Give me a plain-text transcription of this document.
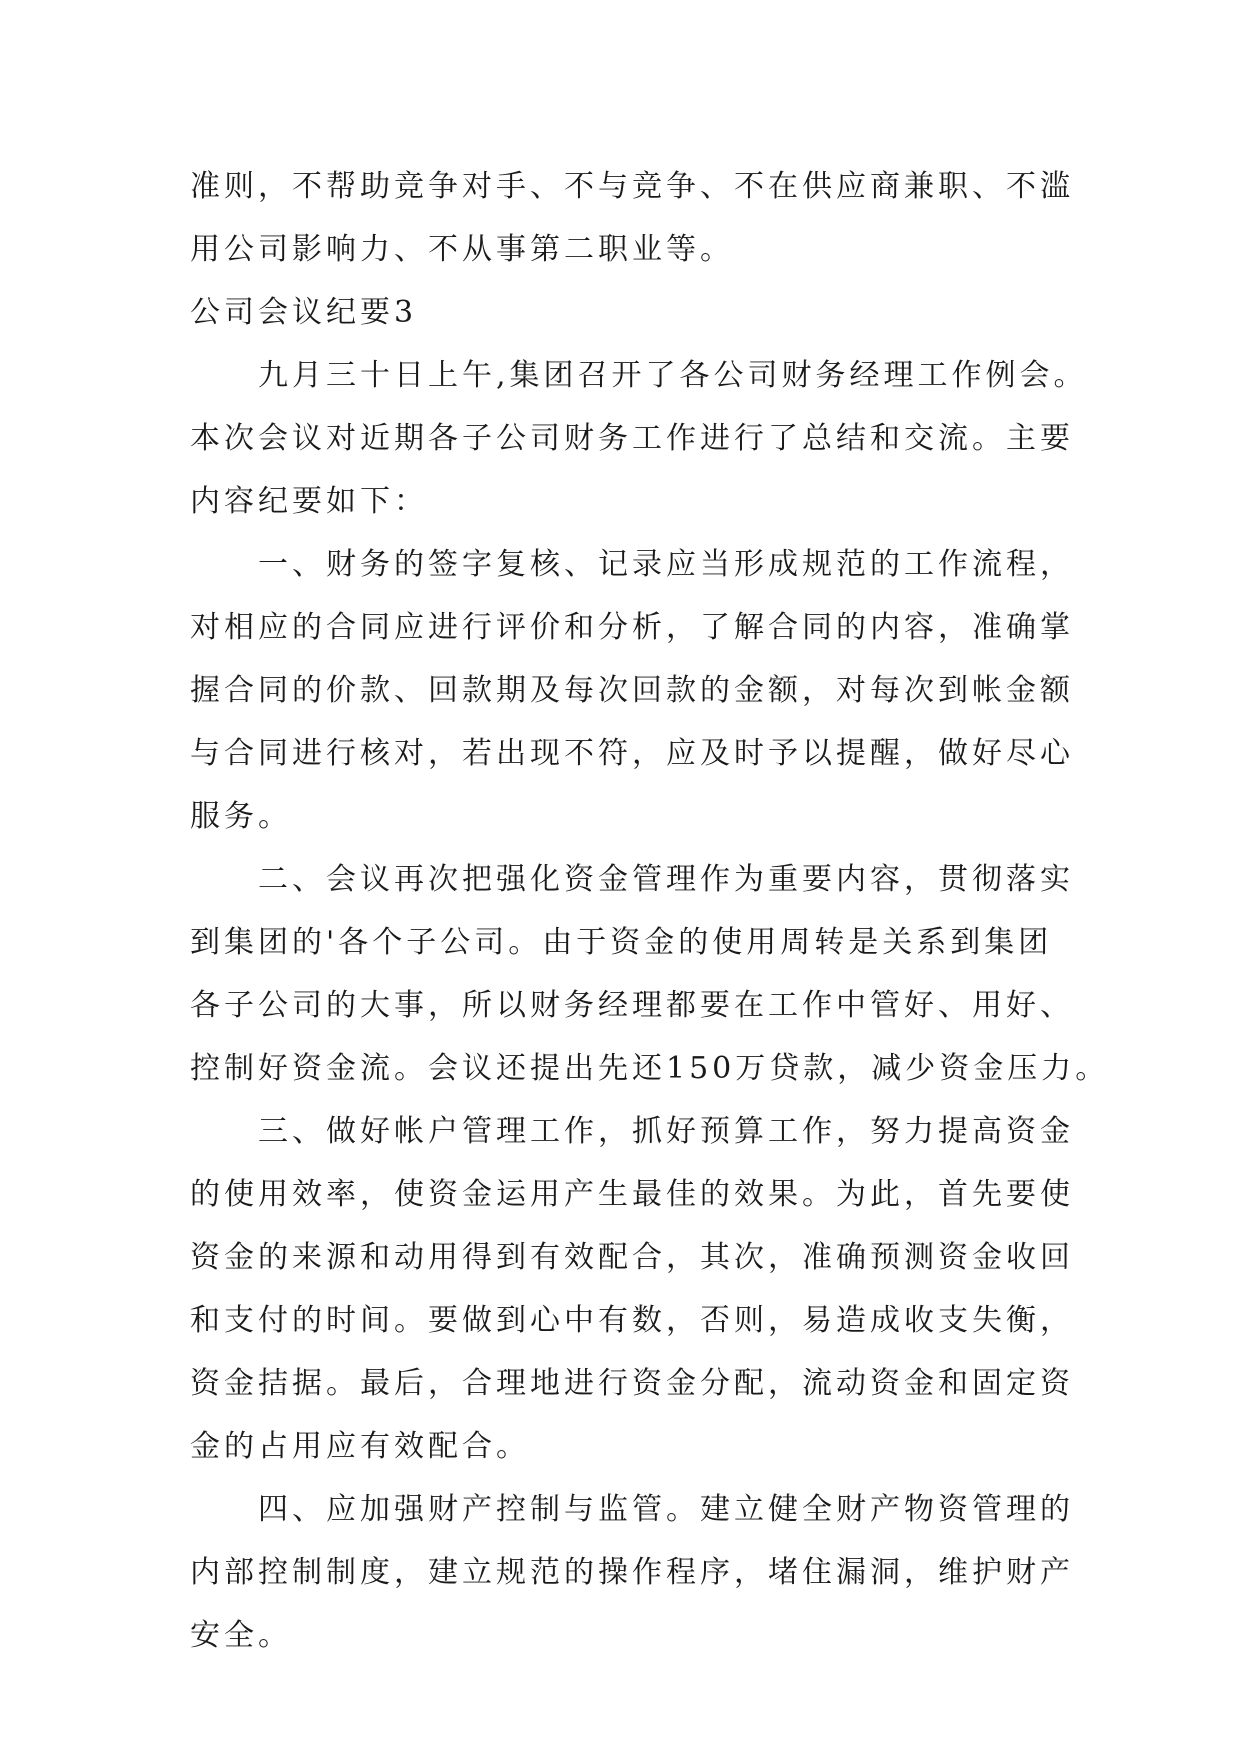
准则，不帮助竞争对手、不与竞争、不在供应商兼职、不滥
用公司影响力、不从事第二职业等。
公司会议纪要3
九月三十日上午,集团召开了各公司财务经理工作例会。
本次会议对近期各子公司财务工作进行了总结和交流。主要
内容纪要如下：
一、财务的签字复核、记录应当形成规范的工作流程，
对相应的合同应进行评价和分析，了解合同的内容，准确掌
握合同的价款、回款期及每次回款的金额，对每次到帐金额
与合同进行核对，若出现不符，应及时予以提醒，做好尽心
服务。
二、会议再次把强化资金管理作为重要内容，贯彻落实
到集团的'各个子公司。由于资金的使用周转是关系到集团
各子公司的大事，所以财务经理都要在工作中管好、用好、
控制好资金流。会议还提出先还150万贷款，减少资金压力。
三、做好帐户管理工作，抓好预算工作，努力提高资金
的使用效率，使资金运用产生最佳的效果。为此，首先要使
资金的来源和动用得到有效配合，其次，准确预测资金收回
和支付的时间。要做到心中有数，否则，易造成收支失衡，
资金拮据。最后，合理地进行资金分配，流动资金和固定资
金的占用应有效配合。
四、应加强财产控制与监管。建立健全财产物资管理的
内部控制制度，建立规范的操作程序，堵住漏洞，维护财产
安全。
